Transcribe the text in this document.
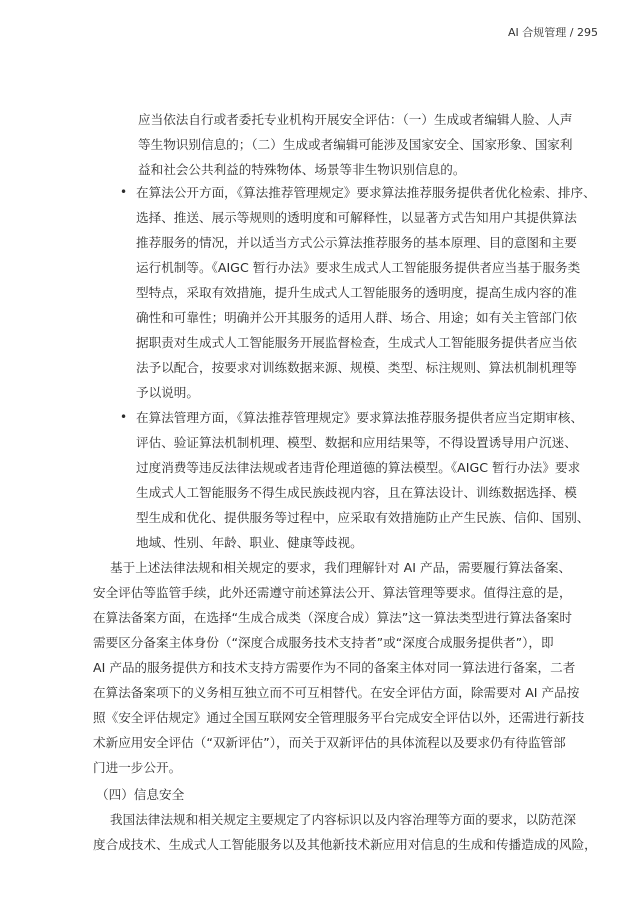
AI 合规管理 / 295
应当依法自行或者委托专业机构开展安全评估：（一）生成或者编辑人脸、人声
等生物识别信息的；（二）生成或者编辑可能涉及国家安全、国家形象、国家利
益和社会公共利益的特殊物体、场景等非生物识别信息的。
• 在算法公开方面，《算法推荐管理规定》要求算法推荐服务提供者优化检索、排序、
选择、推送、展示等规则的透明度和可解释性，以显著方式告知用户其提供算法
推荐服务的情况，并以适当方式公示算法推荐服务的基本原理、目的意图和主要
运行机制等。《AIGC 暂行办法》要求生成式人工智能服务提供者应当基于服务类
型特点，采取有效措施，提升生成式人工智能服务的透明度，提高生成内容的准
确性和可靠性；明确并公开其服务的适用人群、场合、用途；如有关主管部门依
据职责对生成式人工智能服务开展监督检查，生成式人工智能服务提供者应当依
法予以配合，按要求对训练数据来源、规模、类型、标注规则、算法机制机理等
予以说明。
• 在算法管理方面，《算法推荐管理规定》要求算法推荐服务提供者应当定期审核、
评估、验证算法机制机理、模型、数据和应用结果等，不得设置诱导用户沉迷、
过度消费等违反法律法规或者违背伦理道德的算法模型。《AIGC 暂行办法》要求
生成式人工智能服务不得生成民族歧视内容，且在算法设计、训练数据选择、模
型生成和优化、提供服务等过程中，应采取有效措施防止产生民族、信仰、国别、
地域、性别、年龄、职业、健康等歧视。
基于上述法律法规和相关规定的要求，我们理解针对 AI 产品，需要履行算法备案、
安全评估等监管手续，此外还需遵守前述算法公开、算法管理等要求。值得注意的是，
在算法备案方面，在选择“生成合成类（深度合成）算法”这一算法类型进行算法备案时
需要区分备案主体身份（“深度合成服务技术支持者”或“深度合成服务提供者”），即
AI 产品的服务提供方和技术支持方需要作为不同的备案主体对同一算法进行备案，二者
在算法备案项下的义务相互独立而不可互相替代。在安全评估方面，除需要对 AI 产品按
照《安全评估规定》通过全国互联网安全管理服务平台完成安全评估以外，还需进行新技
术新应用安全评估（“双新评估”），而关于双新评估的具体流程以及要求仍有待监管部
门进一步公开。
（四）信息安全
我国法律法规和相关规定主要规定了内容标识以及内容治理等方面的要求，以防范深
度合成技术、生成式人工智能服务以及其他新技术新应用对信息的生成和传播造成的风险，
